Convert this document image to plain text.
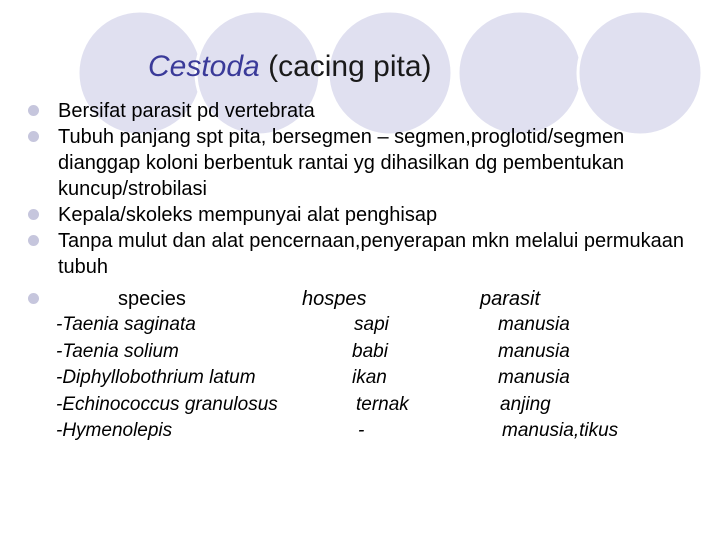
Cestoda (cacing pita)
Bersifat parasit pd vertebrata
Tubuh panjang spt pita, bersegmen – segmen,proglotid/segmen dianggap koloni berbentuk rantai yg dihasilkan dg pembentukan kuncup/strobilasi
Kepala/skoleks mempunyai alat penghisap
Tanpa mulut dan alat pencernaan,penyerapan mkn melalui permukaan tubuh
species	hospes	parasit
-Taenia saginata	sapi	manusia
-Taenia solium	babi	manusia
-Diphyllobothrium latum	ikan	manusia
-Echinococcus granulosus	ternak	anjing
-Hymenolepis	-	manusia,tikus
